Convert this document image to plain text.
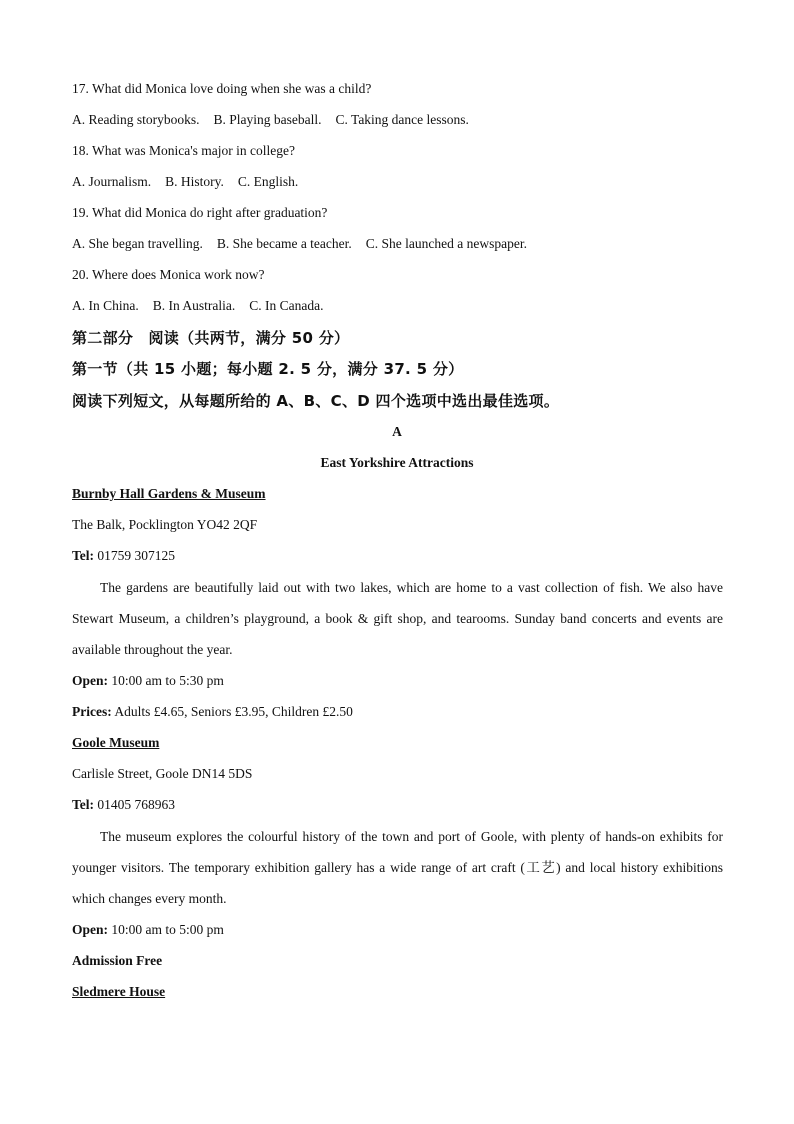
17. What did Monica love doing when she was a child?
A. Reading storybooks. B. Playing baseball. C. Taking dance lessons.
18. What was Monica's major in college?
A. Journalism. B. History. C. English.
19. What did Monica do right after graduation?
A. She began travelling. B. She became a teacher. C. She launched a newspaper.
20. Where does Monica work now?
A. In China. B. In Australia. C. In Canada.
第二部分　阅读（共两节，满分 50 分）
第一节（共 15 小题；每小题 2. 5 分，满分 37. 5 分）
阅读下列短文，从每题所给的 A、B、C、D 四个选项中选出最佳选项。
A
East Yorkshire Attractions
Burnby Hall Gardens & Museum
The Balk, Pocklington YO42 2QF
Tel: 01759 307125
The gardens are beautifully laid out with two lakes, which are home to a vast collection of fish. We also have Stewart Museum, a children’s playground, a book & gift shop, and tearooms. Sunday band concerts and events are available throughout the year.
Open: 10:00 am to 5:30 pm
Prices: Adults £4.65, Seniors £3.95, Children £2.50
Goole Museum
Carlisle Street, Goole DN14 5DS
Tel: 01405 768963
The museum explores the colourful history of the town and port of Goole, with plenty of hands-on exhibits for younger visitors. The temporary exhibition gallery has a wide range of art craft (工艺) and local history exhibitions which changes every month.
Open: 10:00 am to 5:00 pm
Admission Free
Sledmere House
